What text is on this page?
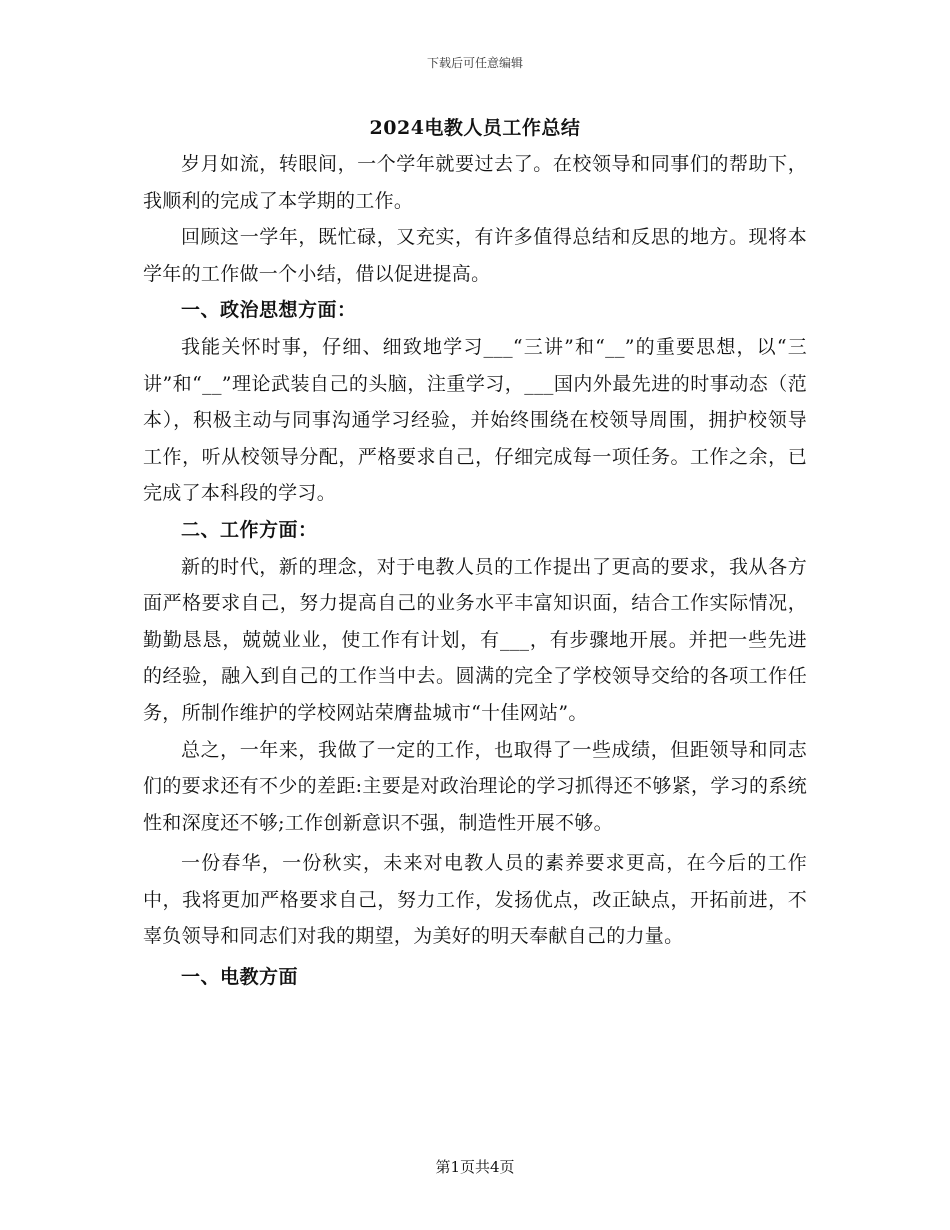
下载后可任意编辑
2024电教人员工作总结

岁月如流，转眼间，一个学年就要过去了。在校领导和同事们的帮助下，我顺利的完成了本学期的工作。

回顾这一学年，既忙碌，又充实，有许多值得总结和反思的地方。现将本学年的工作做一个小结，借以促进提高。

一、政治思想方面：

我能关怀时事，仔细、细致地学习___“三讲”和“__”的重要思想，以“三讲”和“__”理论武装自己的头脑，注重学习，___国内外最先进的时事动态（范本），积极主动与同事沟通学习经验，并始终围绕在校领导周围，拥护校领导工作，听从校领导分配，严格要求自己，仔细完成每一项任务。工作之余，已完成了本科段的学习。

二、工作方面：

新的时代，新的理念，对于电教人员的工作提出了更高的要求，我从各方面严格要求自己，努力提高自己的业务水平丰富知识面，结合工作实际情况，勤勤恳恳，兢兢业业，使工作有计划，有___，有步骤地开展。并把一些先进的经验，融入到自己的工作当中去。圆满的完全了学校领导交给的各项工作任务，所制作维护的学校网站荣膺盐城市“十佳网站”。

总之，一年来，我做了一定的工作，也取得了一些成绩，但距领导和同志们的要求还有不少的差距:主要是对政治理论的学习抓得还不够紧，学习的系统性和深度还不够;工作创新意识不强，制造性开展不够。

一份春华，一份秋实，未来对电教人员的素养要求更高，在今后的工作中，我将更加严格要求自己，努力工作，发扬优点，改正缺点，开拓前进，不辜负领导和同志们对我的期望，为美好的明天奉献自己的力量。

一、电教方面

第1页共4页
